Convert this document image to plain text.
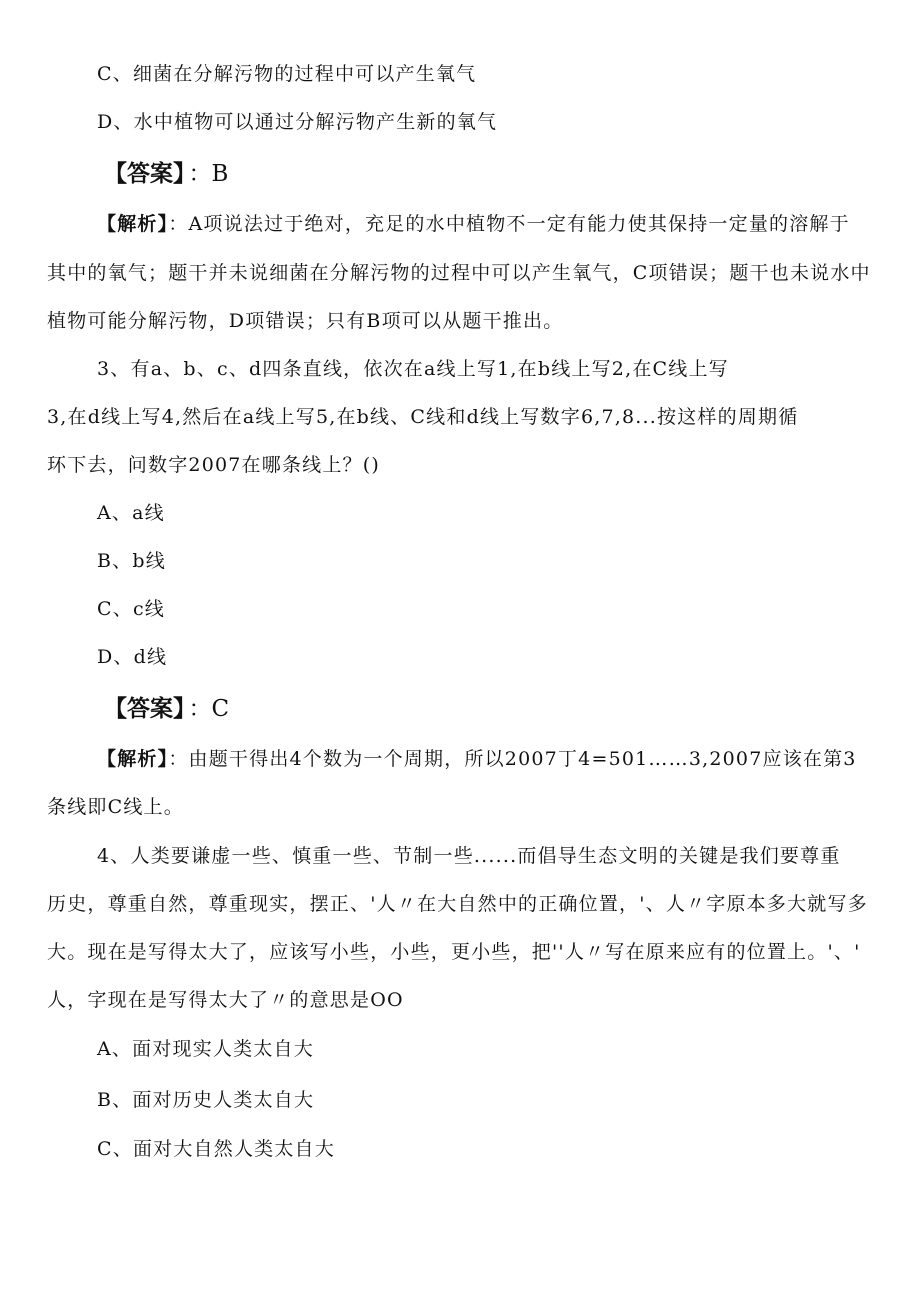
C、细菌在分解污物的过程中可以产生氧气
D、水中植物可以通过分解污物产生新的氧气
【答案】 ：B
【解析】：A项说法过于绝对，充足的水中植物不一定有能力使其保持一定量的溶解于
其中的氧气；题干并未说细菌在分解污物的过程中可以产生氧气，C项错误；题干也未说水中
植物可能分解污物，D项错误；只有B项可以从题干推出。
3、有a、b、c、d四条直线，依次在a线上写1,在b线上写2,在C线上写
3,在d线上写4,然后在a线上写5,在b线、C线和d线上写数字6,7,8...按这样的周期循
环下去，问数字2007在哪条线上？()
A、a线
B、b线
C、c线
D、d线
【答案】 ：C
【解析】：由题干得出4个数为一个周期，所以2007丁4=501……3,2007应该在第3
条线即C线上。
4、人类要谦虚一些、慎重一些、节制一些......而倡导生态文明的关键是我们要尊重
历史，尊重自然，尊重现实，摆正、'人〃在大自然中的正确位置，'、人〃字原本多大就写多
大。现在是写得太大了，应该写小些，小些，更小些，把''人〃写在原来应有的位置上。'、'
人，字现在是写得太大了〃的意思是OO
A、面对现实人类太自大
B、面对历史人类太自大
C、面对大自然人类太自大
